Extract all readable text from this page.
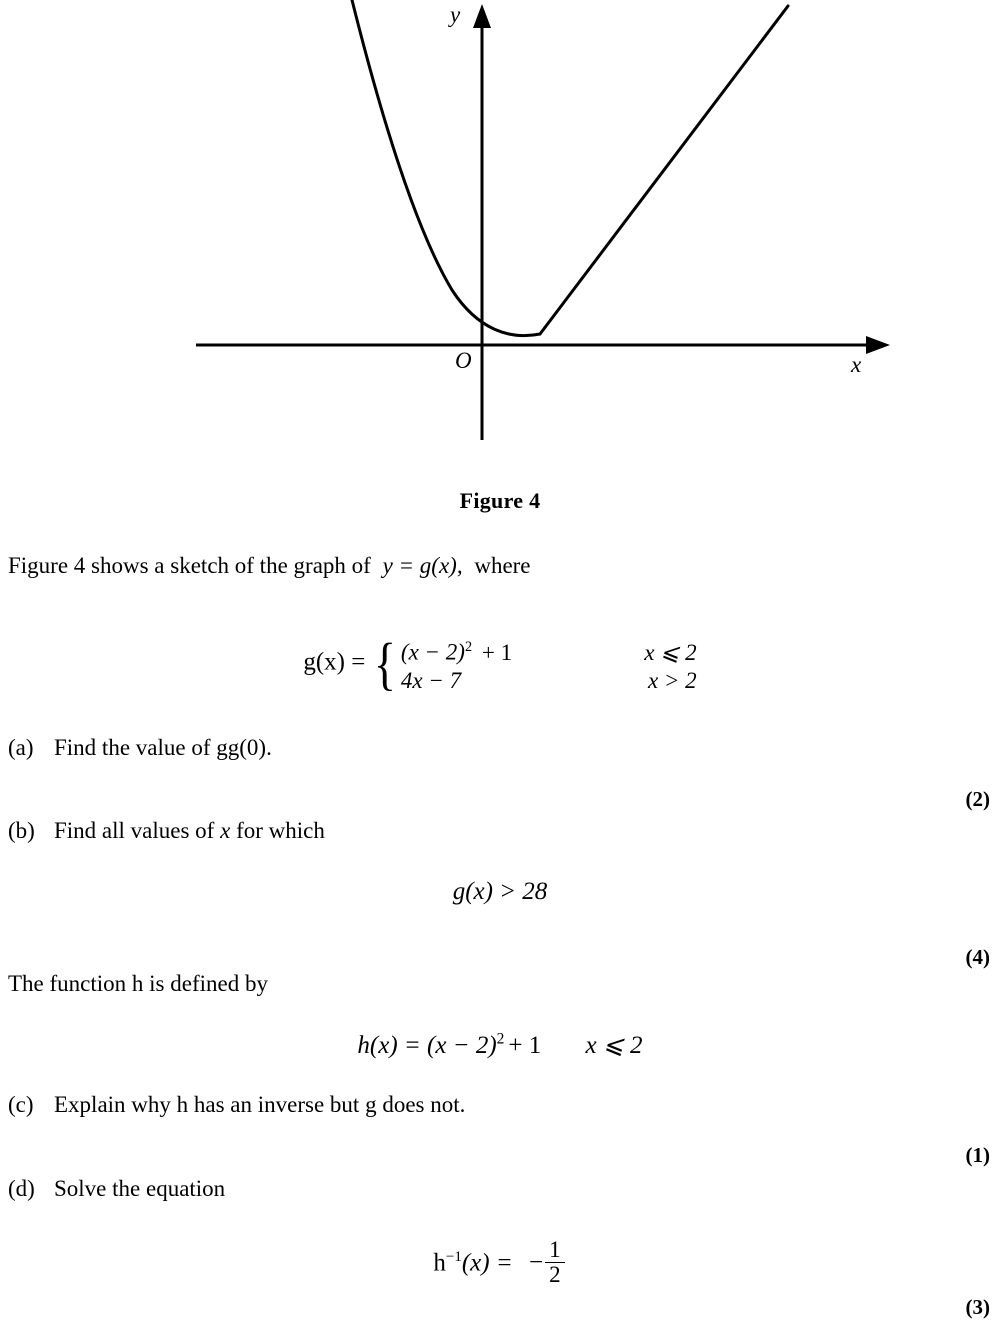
y
x
O
Figure 4
Figure 4 shows a sketch of the graph of y = g(x), where
g(x) = { $(x - 2)^2 + 1$	x ⩽ 2
4x − 7	x > 2
(a) Find the value of gg(0).
(2)
(b) Find all values of x for which
g(x) > 28
(4)
The function h is defined by
$h(x) = (x - 2)^2 + 1$ x ⩽ 2
(c) Explain why h has an inverse but g does not.
(1)
(d) Solve the equation
$h^{-1}(x)$ = − $\frac{1}{2}$
(3)
